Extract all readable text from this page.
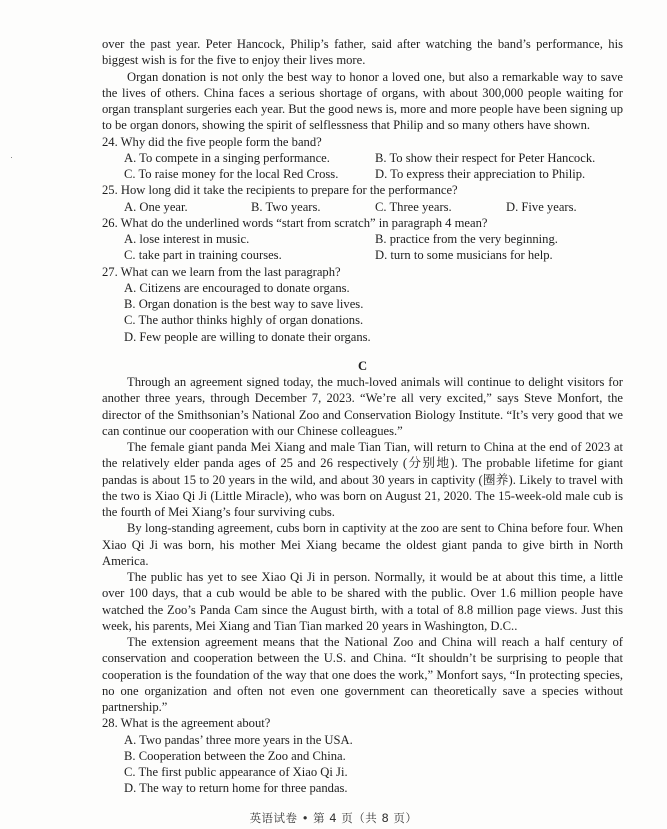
over the past year. Peter Hancock, Philip’s father, said after watching the band’s performance, his biggest wish is for the five to enjoy their lives more.

Organ donation is not only the best way to honor a loved one, but also a remarkable way to save the lives of others. China faces a serious shortage of organs, with about 300,000 people waiting for organ transplant surgeries each year. But the good news is, more and more people have been signing up to be organ donors, showing the spirit of selflessness that Philip and so many others have shown.

24. Why did the five people form the band?
A. To compete in a singing performance.	B. To show their respect for Peter Hancock.
C. To raise money for the local Red Cross.	D. To express their appreciation to Philip.
25. How long did it take the recipients to prepare for the performance?
A. One year.	B. Two years.	C. Three years.	D. Five years.
26. What do the underlined words “start from scratch” in paragraph 4 mean?
A. lose interest in music.	B. practice from the very beginning.
C. take part in training courses.	D. turn to some musicians for help.
27. What can we learn from the last paragraph?
A. Citizens are encouraged to donate organs.
B. Organ donation is the best way to save lives.
C. The author thinks highly of organ donations.
D. Few people are willing to donate their organs.
C

Through an agreement signed today, the much-loved animals will continue to delight visitors for another three years, through December 7, 2023. “We’re all very excited,” says Steve Monfort, the director of the Smithsonian’s National Zoo and Conservation Biology Institute. “It’s very good that we can continue our cooperation with our Chinese colleagues.”

The female giant panda Mei Xiang and male Tian Tian, will return to China at the end of 2023 at the relatively elder panda ages of 25 and 26 respectively (分别地). The probable lifetime for giant pandas is about 15 to 20 years in the wild, and about 30 years in captivity (圈养). Likely to travel with the two is Xiao Qi Ji (Little Miracle), who was born on August 21, 2020. The 15-week-old male cub is the fourth of Mei Xiang’s four surviving cubs.

By long-standing agreement, cubs born in captivity at the zoo are sent to China before four. When Xiao Qi Ji was born, his mother Mei Xiang became the oldest giant panda to give birth in North America.

The public has yet to see Xiao Qi Ji in person. Normally, it would be at about this time, a little over 100 days, that a cub would be able to be shared with the public. Over 1.6 million people have watched the Zoo’s Panda Cam since the August birth, with a total of 8.8 million page views. Just this week, his parents, Mei Xiang and Tian Tian marked 20 years in Washington, D.C..

The extension agreement means that the National Zoo and China will reach a half century of conservation and cooperation between the U.S. and China. “It shouldn’t be surprising to people that cooperation is the foundation of the way that one does the work,” Monfort says, “In protecting species, no one organization and often not even one government can theoretically save a species without partnership.”

28. What is the agreement about?
A. Two pandas’ three more years in the USA.
B. Cooperation between the Zoo and China.
C. The first public appearance of Xiao Qi Ji.
D. The way to return home for three pandas.
英语试卷 • 第 4 页（共 8 页）
